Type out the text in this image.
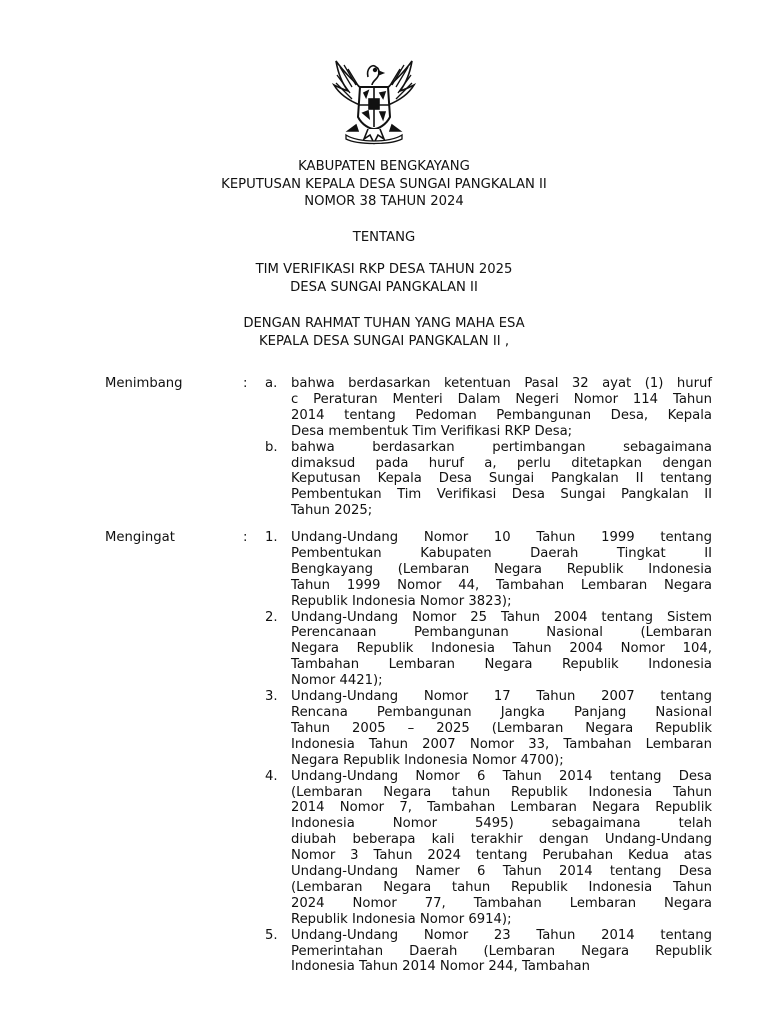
KABUPATEN BENGKAYANG
KEPUTUSAN KEPALA DESA SUNGAI PANGKALAN II
NOMOR 38 TAHUN 2024
TENTANG
TIM VERIFIKASI RKP DESA TAHUN 2025
DESA SUNGAI PANGKALAN II
DENGAN RAHMAT TUHAN YANG MAHA ESA
KEPALA DESA SUNGAI PANGKALAN II ,
Menimbang	: a. bahwa berdasarkan ketentuan Pasal 32 ayat (1) huruf
c Peraturan Menteri Dalam Negeri Nomor 114 Tahun
2014 tentang Pedoman Pembangunan Desa, Kepala
Desa membentuk Tim Verifikasi RKP Desa;
b. bahwa berdasarkan pertimbangan sebagaimana
dimaksud pada huruf a, perlu ditetapkan dengan
Keputusan Kepala Desa Sungai Pangkalan II tentang
Pembentukan Tim Verifikasi Desa Sungai Pangkalan II
Tahun 2025;
Mengingat	: 1. Undang-Undang Nomor 10 Tahun 1999 tentang
Pembentukan Kabupaten Daerah Tingkat II
Bengkayang (Lembaran Negara Republik Indonesia
Tahun 1999 Nomor 44, Tambahan Lembaran Negara
Republik Indonesia Nomor 3823);
2. Undang-Undang Nomor 25 Tahun 2004 tentang Sistem
Perencanaan Pembangunan Nasional (Lembaran
Negara Republik Indonesia Tahun 2004 Nomor 104,
Tambahan Lembaran Negara Republik Indonesia
Nomor 4421);
3. Undang-Undang Nomor 17 Tahun 2007 tentang
Rencana Pembangunan Jangka Panjang Nasional
Tahun 2005 – 2025 (Lembaran Negara Republik
Indonesia Tahun 2007 Nomor 33, Tambahan Lembaran
Negara Republik Indonesia Nomor 4700);
4. Undang-Undang Nomor 6 Tahun 2014 tentang Desa
(Lembaran Negara tahun Republik Indonesia Tahun
2014 Nomor 7, Tambahan Lembaran Negara Republik
Indonesia Nomor 5495) sebagaimana telah
diubah beberapa kali terakhir dengan Undang-Undang
Nomor 3 Tahun 2024 tentang Perubahan Kedua atas
Undang-Undang Namer 6 Tahun 2014 tentang Desa
(Lembaran Negara tahun Republik Indonesia Tahun
2024 Nomor 77, Tambahan Lembaran Negara
Republik Indonesia Nomor 6914);
5. Undang-Undang Nomor 23 Tahun 2014 tentang
Pemerintahan Daerah (Lembaran Negara Republik
Indonesia Tahun 2014 Nomor 244, Tambahan
